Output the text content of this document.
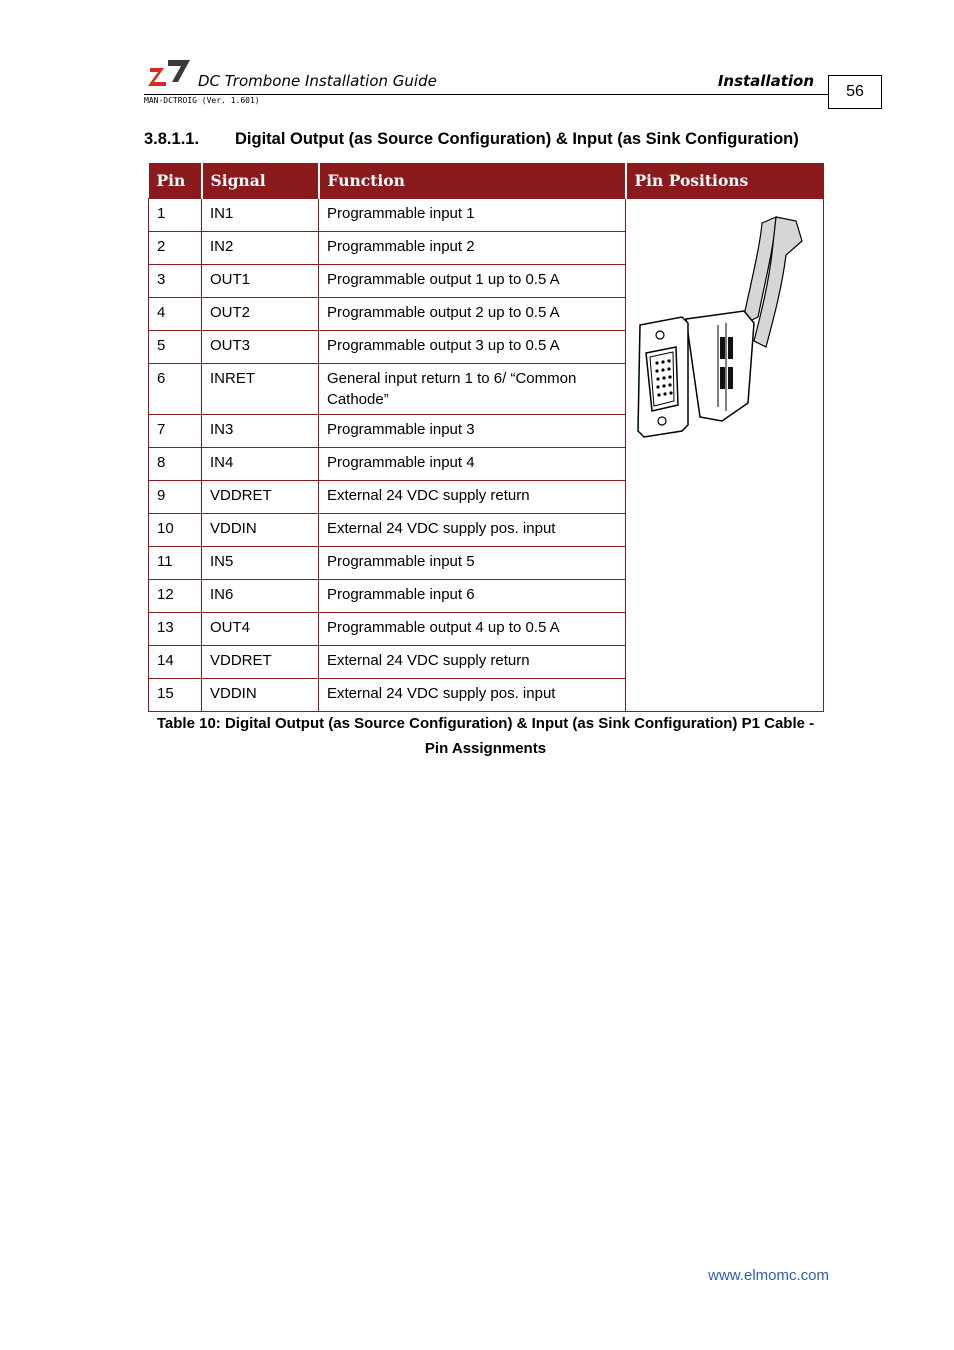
DC Trombone Installation Guide	Installation
MAN-DCTROIG (Ver. 1.601)
56
3.8.1.1. Digital Output (as Source Configuration) & Input (as Sink Configuration)
Pin	Signal	Function	Pin Positions
1	IN1	Programmable input 1	

2	IN2	Programmable input 2	
3	OUT1	Programmable output 1 up to 0.5 A	
4	OUT2	Programmable output 2 up to 0.5 A	
5	OUT3	Programmable output 3 up to 0.5 A	
6	INRET	General input return 1 to 6/ “Common Cathode”	
7	IN3	Programmable input 3	
8	IN4	Programmable input 4	
9	VDDRET	External 24 VDC supply return	
10	VDDIN	External 24 VDC supply pos. input	
11	IN5	Programmable input 5	
12	IN6	Programmable input 6	
13	OUT4	Programmable output 4 up to 0.5 A	
14	VDDRET	External 24 VDC supply return	
15	VDDIN	External 24 VDC supply pos. input	
Table 10: Digital Output (as Source Configuration) & Input (as Sink Configuration) P1 Cable -
Pin Assignments
www.elmomc.com
